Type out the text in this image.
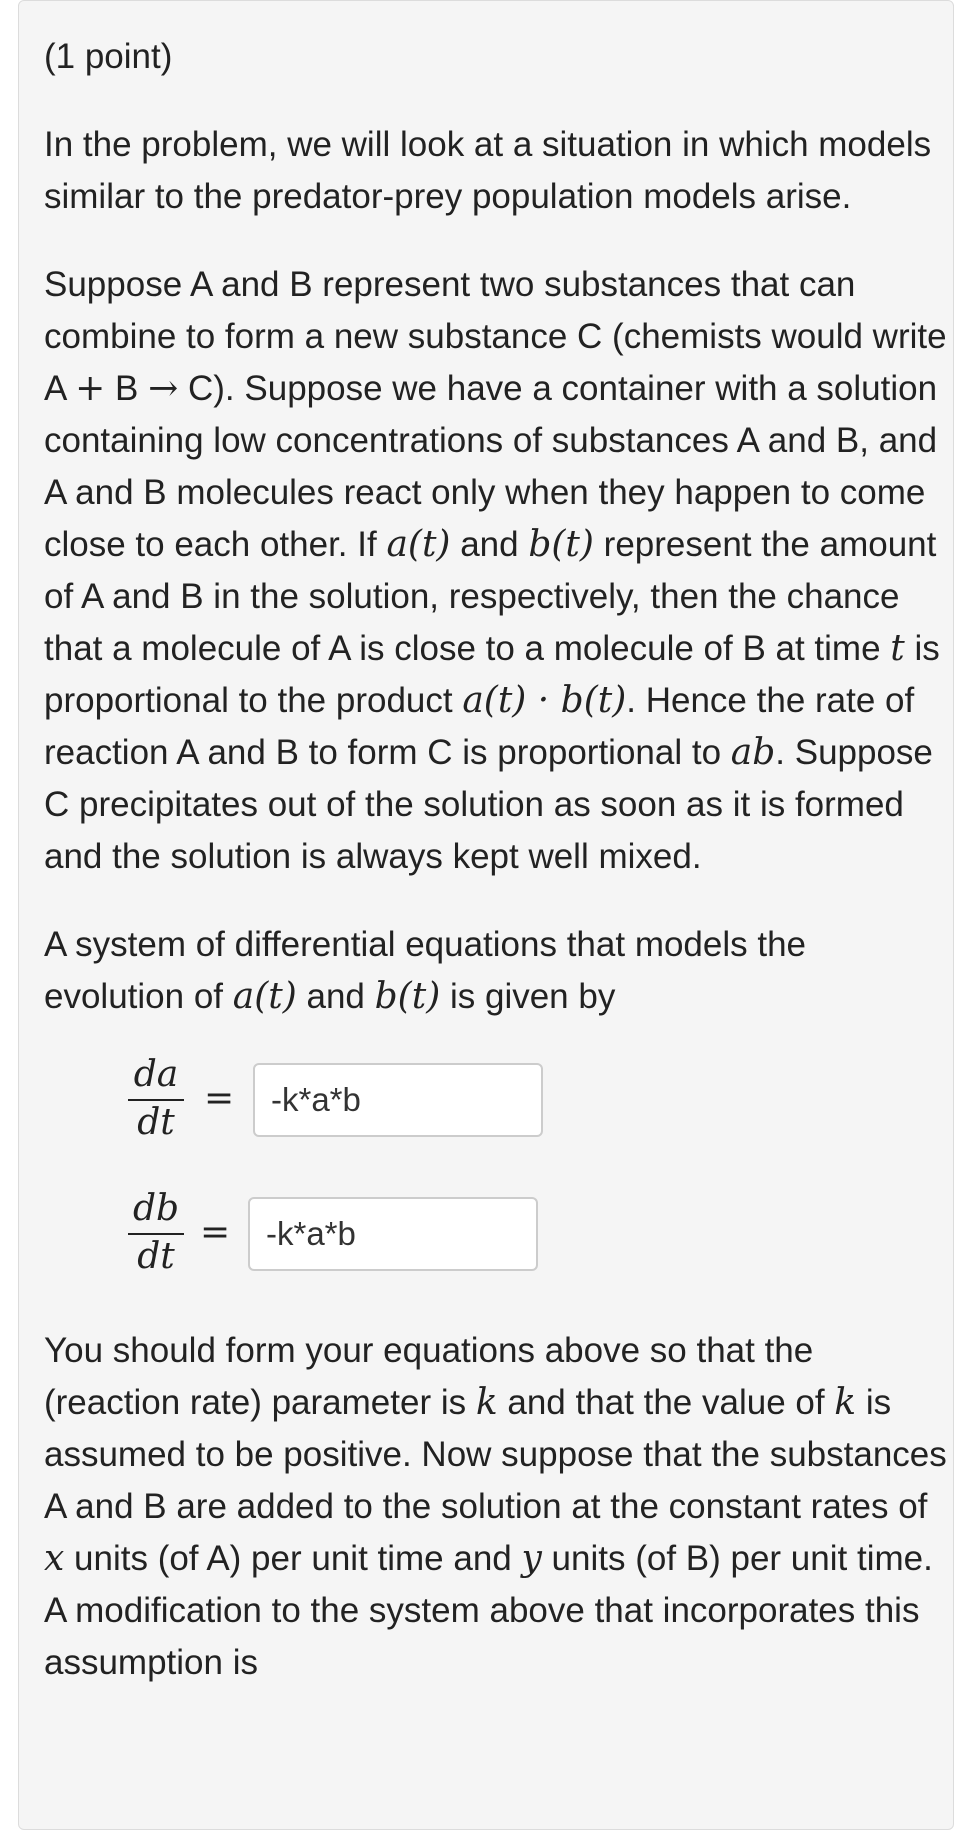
(1 point)

In the problem, we will look at a situation in which models similar to the predator-prey population models arise.

Suppose A and B represent two substances that can combine to form a new substance C (chemists would write A + B → C). Suppose we have a container with a solution containing low concentrations of substances A and B, and A and B molecules react only when they happen to come close to each other. If a(t) and b(t) represent the amount of A and B in the solution, respectively, then the chance that a molecule of A is close to a molecule of B at time t is proportional to the product a(t) · b(t). Hence the rate of reaction A and B to form C is proportional to ab. Suppose C precipitates out of the solution as soon as it is formed and the solution is always kept well mixed.

A system of differential equations that models the evolution of a(t) and b(t) is given by

da
dt
=
-k*a*b
db
dt
=
-k*a*b

You should form your equations above so that the (reaction rate) parameter is k and that the value of k is assumed to be positive. Now suppose that the substances A and B are added to the solution at the constant rates of x units (of A) per unit time and y units (of B) per unit time. A modification to the system above that incorporates this assumption is
